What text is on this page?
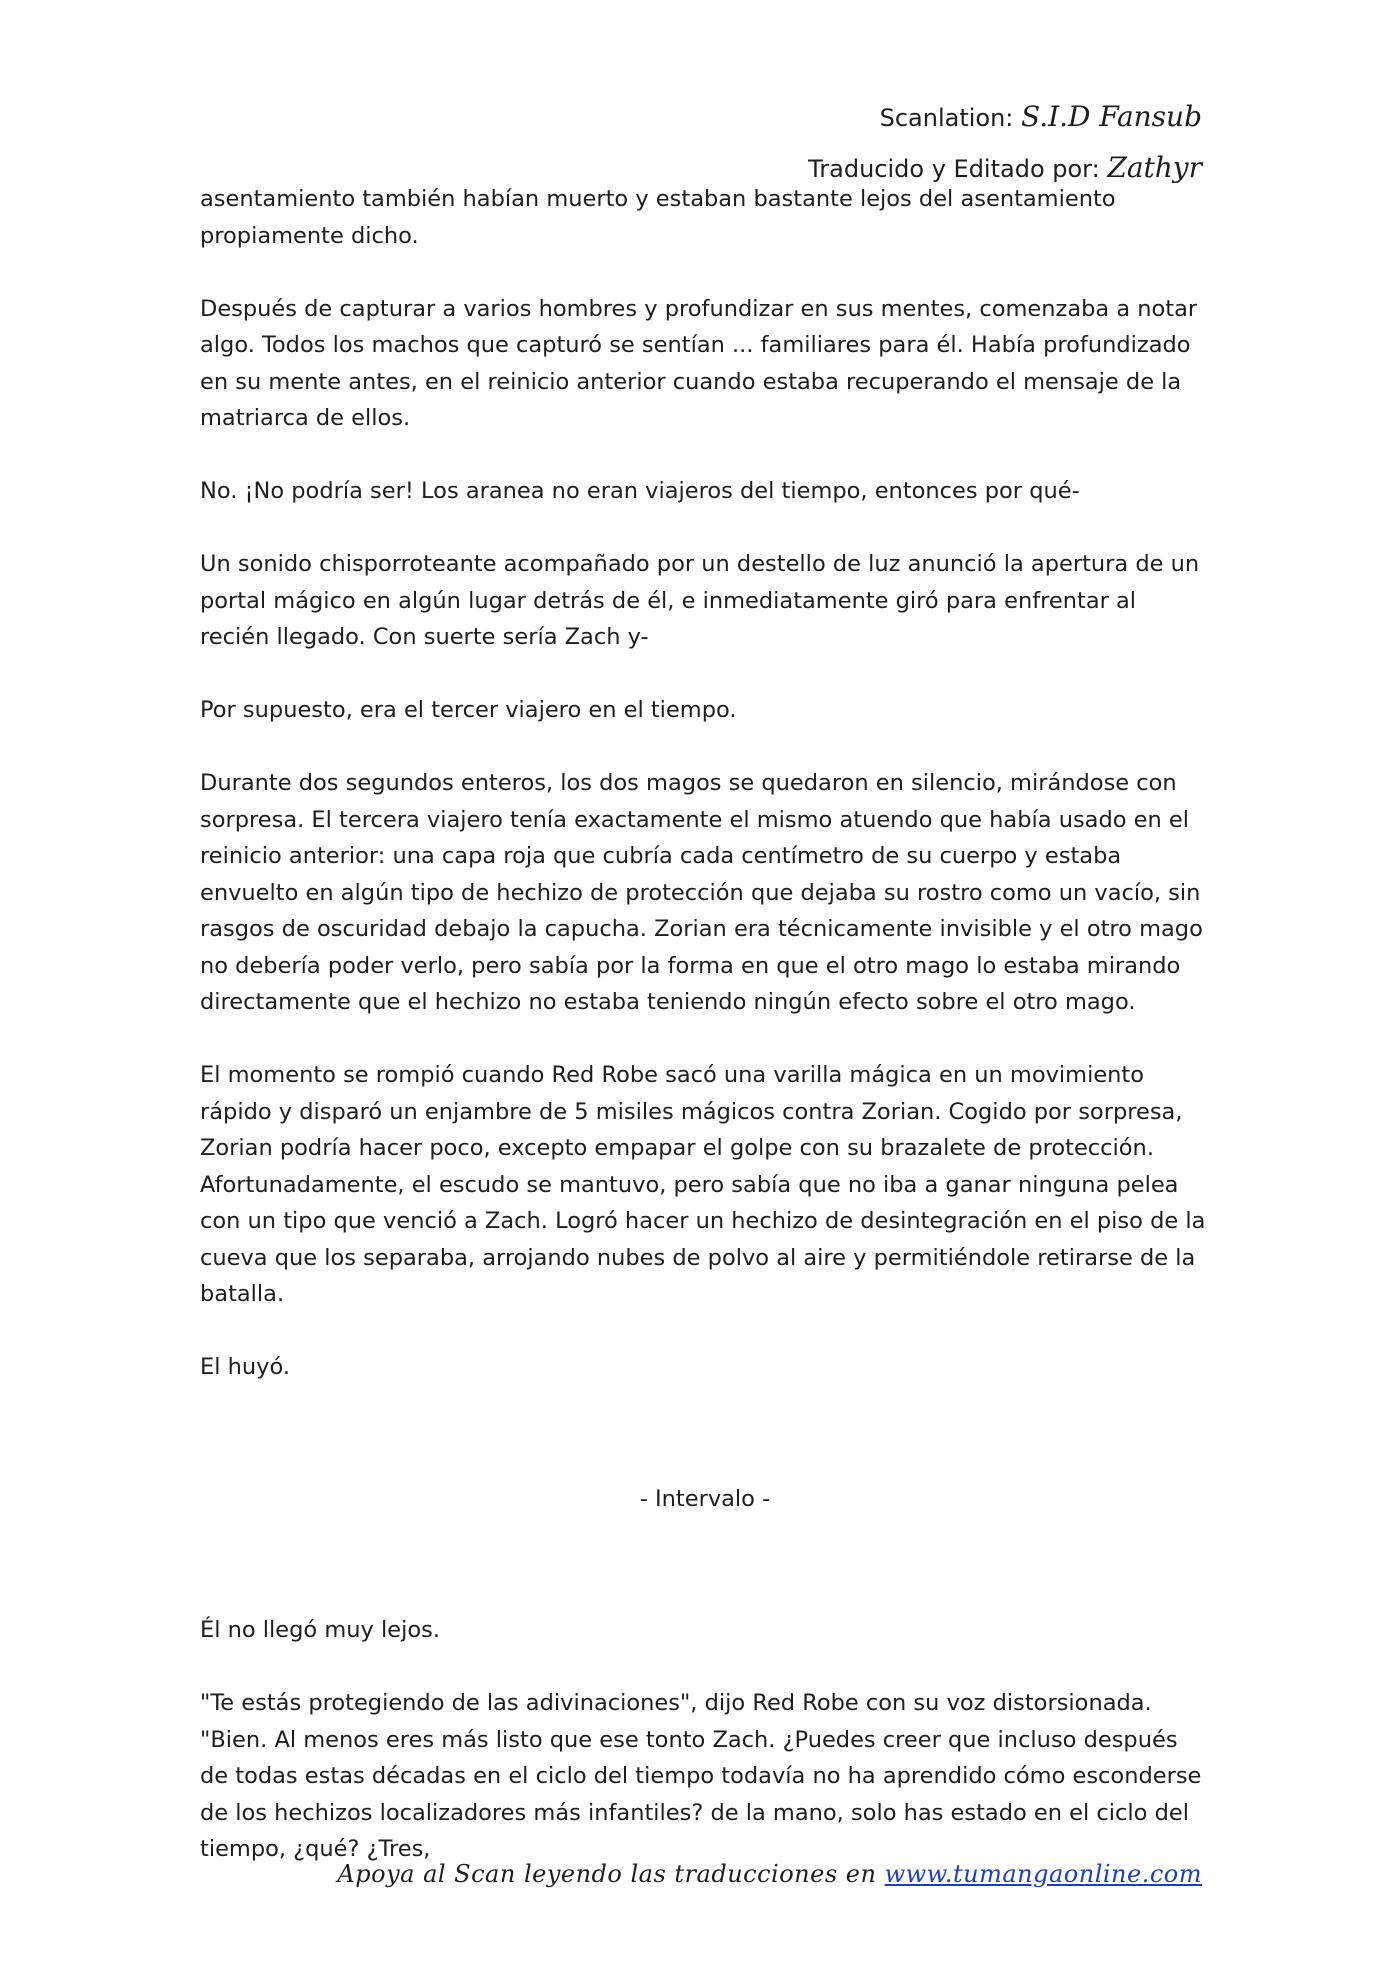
Scanlation: S.I.D Fansub
Traducido y Editado por: Zathyr

asentamiento también habían muerto y estaban bastante lejos del asentamiento propiamente dicho.

Después de capturar a varios hombres y profundizar en sus mentes, comenzaba a notar algo. Todos los machos que capturó se sentían ... familiares para él. Había profundizado en su mente antes, en el reinicio anterior cuando estaba recuperando el mensaje de la matriarca de ellos.

No. ¡No podría ser! Los aranea no eran viajeros del tiempo, entonces por qué-

Un sonido chisporroteante acompañado por un destello de luz anunció la apertura de un portal mágico en algún lugar detrás de él, e inmediatamente giró para enfrentar al recién llegado. Con suerte sería Zach y-

Por supuesto, era el tercer viajero en el tiempo.

Durante dos segundos enteros, los dos magos se quedaron en silencio, mirándose con sorpresa. El tercera viajero tenía exactamente el mismo atuendo que había usado en el reinicio anterior: una capa roja que cubría cada centímetro de su cuerpo y estaba envuelto en algún tipo de hechizo de protección que dejaba su rostro como un vacío, sin rasgos de oscuridad debajo la capucha. Zorian era técnicamente invisible y el otro mago no debería poder verlo, pero sabía por la forma en que el otro mago lo estaba mirando directamente que el hechizo no estaba teniendo ningún efecto sobre el otro mago.

El momento se rompió cuando Red Robe sacó una varilla mágica en un movimiento rápido y disparó un enjambre de 5 misiles mágicos contra Zorian. Cogido por sorpresa, Zorian podría hacer poco, excepto empapar el golpe con su brazalete de protección. Afortunadamente, el escudo se mantuvo, pero sabía que no iba a ganar ninguna pelea con un tipo que venció a Zach. Logró hacer un hechizo de desintegración en el piso de la cueva que los separaba, arrojando nubes de polvo al aire y permitiéndole retirarse de la batalla.

El huyó.

- Intervalo -

Él no llegó muy lejos.

"Te estás protegiendo de las adivinaciones", dijo Red Robe con su voz distorsionada. "Bien. Al menos eres más listo que ese tonto Zach. ¿Puedes creer que incluso después de todas estas décadas en el ciclo del tiempo todavía no ha aprendido cómo esconderse de los hechizos localizadores más infantiles? de la mano, solo has estado en el ciclo del tiempo, ¿qué? ¿Tres,

Apoya al Scan leyendo las traducciones en www.tumangaonline.com
